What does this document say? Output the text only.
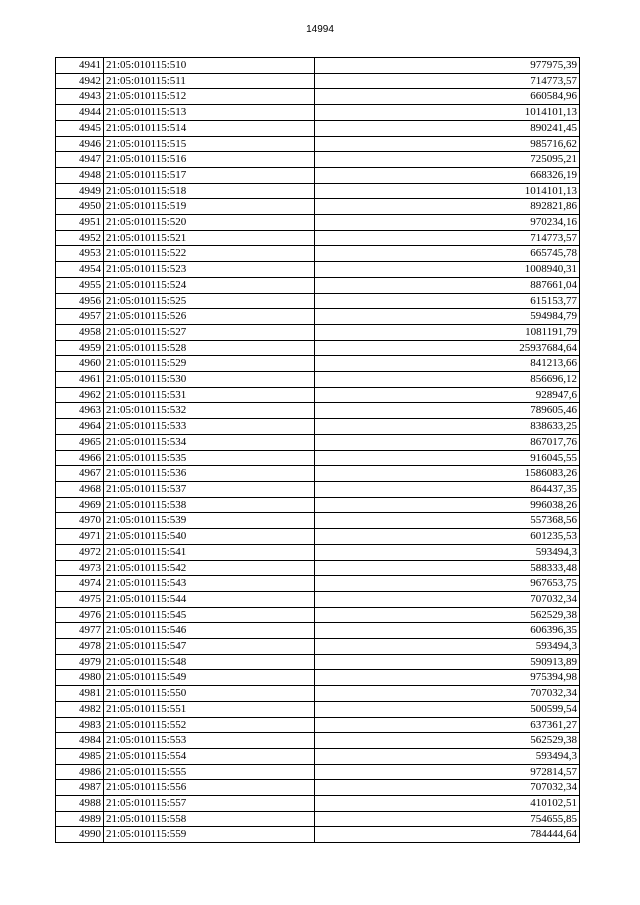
14994
4941	21:05:010115:510	977975,39
4942	21:05:010115:511	714773,57
4943	21:05:010115:512	660584,96
4944	21:05:010115:513	1014101,13
4945	21:05:010115:514	890241,45
4946	21:05:010115:515	985716,62
4947	21:05:010115:516	725095,21
4948	21:05:010115:517	668326,19
4949	21:05:010115:518	1014101,13
4950	21:05:010115:519	892821,86
4951	21:05:010115:520	970234,16
4952	21:05:010115:521	714773,57
4953	21:05:010115:522	665745,78
4954	21:05:010115:523	1008940,31
4955	21:05:010115:524	887661,04
4956	21:05:010115:525	615153,77
4957	21:05:010115:526	594984,79
4958	21:05:010115:527	1081191,79
4959	21:05:010115:528	25937684,64
4960	21:05:010115:529	841213,66
4961	21:05:010115:530	856696,12
4962	21:05:010115:531	928947,6
4963	21:05:010115:532	789605,46
4964	21:05:010115:533	838633,25
4965	21:05:010115:534	867017,76
4966	21:05:010115:535	916045,55
4967	21:05:010115:536	1586083,26
4968	21:05:010115:537	864437,35
4969	21:05:010115:538	996038,26
4970	21:05:010115:539	557368,56
4971	21:05:010115:540	601235,53
4972	21:05:010115:541	593494,3
4973	21:05:010115:542	588333,48
4974	21:05:010115:543	967653,75
4975	21:05:010115:544	707032,34
4976	21:05:010115:545	562529,38
4977	21:05:010115:546	606396,35
4978	21:05:010115:547	593494,3
4979	21:05:010115:548	590913,89
4980	21:05:010115:549	975394,98
4981	21:05:010115:550	707032,34
4982	21:05:010115:551	500599,54
4983	21:05:010115:552	637361,27
4984	21:05:010115:553	562529,38
4985	21:05:010115:554	593494,3
4986	21:05:010115:555	972814,57
4987	21:05:010115:556	707032,34
4988	21:05:010115:557	410102,51
4989	21:05:010115:558	754655,85
4990	21:05:010115:559	784444,64
